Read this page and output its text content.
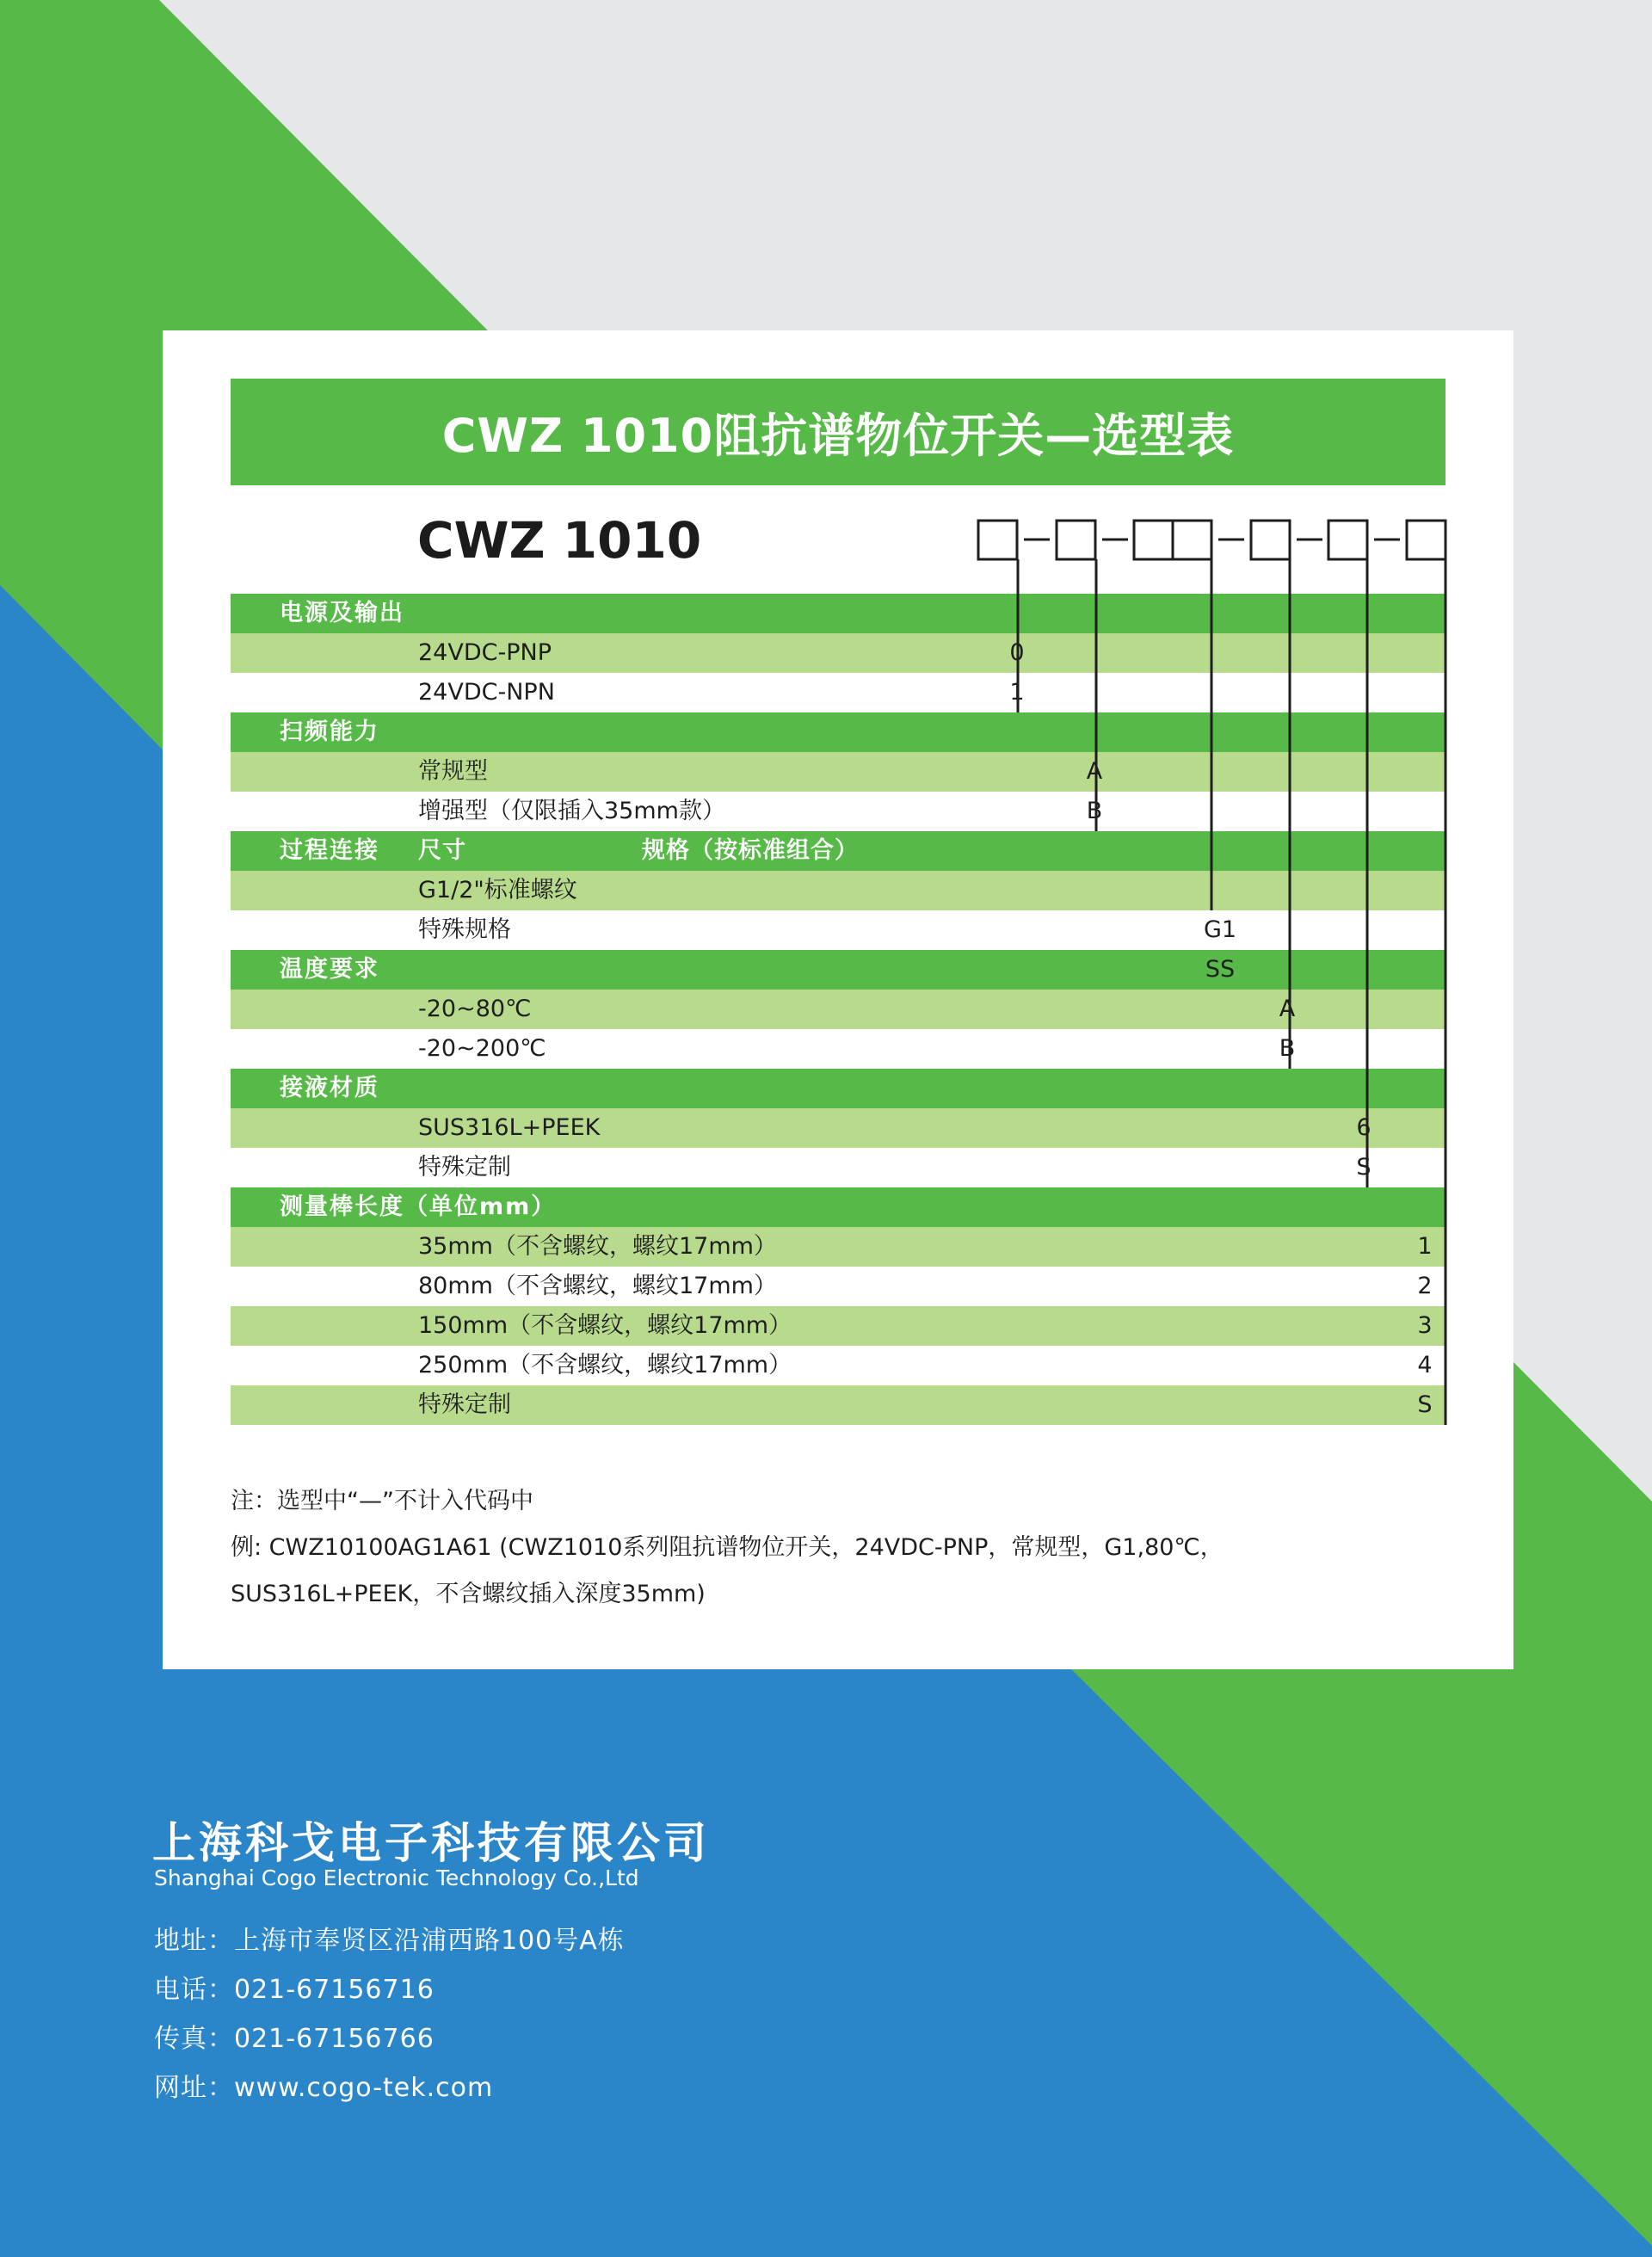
CWZ 1010阻抗谱物位开关—选型表
CWZ 1010
电源及输出
24VDC-PNP	0
24VDC-NPN	1
扫频能力
常规型	A
增强型（仅限插入35mm款）	B
过程连接 尺寸	规格（按标准组合）
G1/2"标准螺纹
特殊规格	G1
温度要求	SS
-20~80℃	A
-20~200℃	B
接液材质
SUS316L+PEEK	6
特殊定制	S
测量棒长度（单位mm）
35mm（不含螺纹，螺纹17mm）	1
80mm（不含螺纹，螺纹17mm）	2
150mm（不含螺纹，螺纹17mm）	3
250mm（不含螺纹，螺纹17mm）	4
特殊定制	S
注：选型中“—”不计入代码中
例: CWZ10100AG1A61 (CWZ1010系列阻抗谱物位开关，24VDC-PNP，常规型，G1,80℃，
SUS316L+PEEK，不含螺纹插入深度35mm)
上海科戈电子科技有限公司
Shanghai Cogo Electronic Technology Co.,Ltd
地址：上海市奉贤区沿浦西路100号A栋
电话：021-67156716
传真：021-67156766
网址：www.cogo-tek.com
